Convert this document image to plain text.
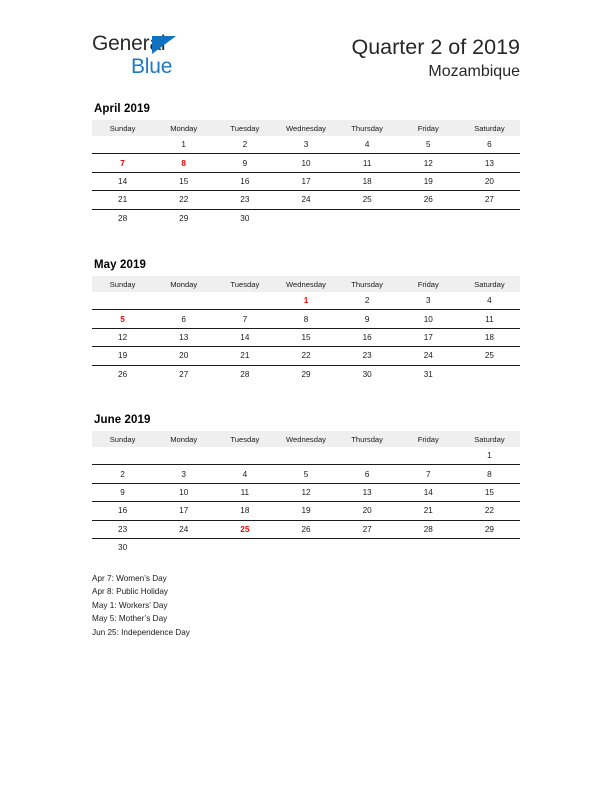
General
Blue
Quarter 2 of 2019
Mozambique
April 2019
Sunday	Monday	Tuesday	Wednesday	Thursday	Friday	Saturday
	1	2	3	4	5	6
7	8	9	10	11	12	13
14	15	16	17	18	19	20
21	22	23	24	25	26	27
28	29	30				
May 2019
Sunday	Monday	Tuesday	Wednesday	Thursday	Friday	Saturday
			1	2	3	4
5	6	7	8	9	10	11
12	13	14	15	16	17	18
19	20	21	22	23	24	25
26	27	28	29	30	31	
June 2019
Sunday	Monday	Tuesday	Wednesday	Thursday	Friday	Saturday
						1
2	3	4	5	6	7	8
9	10	11	12	13	14	15
16	17	18	19	20	21	22
23	24	25	26	27	28	29
30						
Apr 7: Women’s Day
Apr 8: Public Holiday
May 1: Workers’ Day
May 5: Mother’s Day
Jun 25: Independence Day
